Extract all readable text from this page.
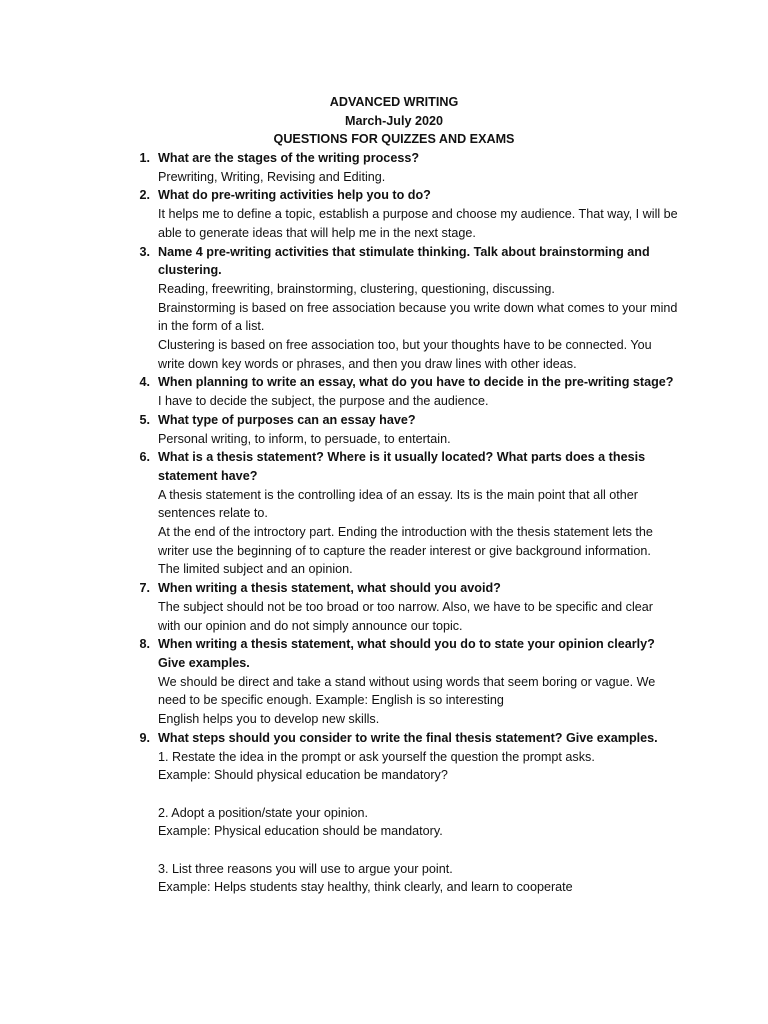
ADVANCED WRITING
March-July 2020
QUESTIONS FOR QUIZZES AND EXAMS
1. What are the stages of the writing process?
Prewriting, Writing, Revising and Editing.
2. What do pre-writing activities help you to do?
It helps me to define a topic, establish a purpose and choose my audience. That way, I will be able to generate ideas that will help me in the next stage.
3. Name 4 pre-writing activities that stimulate thinking. Talk about brainstorming and clustering.
Reading, freewriting, brainstorming, clustering, questioning, discussing.
Brainstorming is based on free association because you write down what comes to your mind in the form of a list.
Clustering is based on free association too, but your thoughts have to be connected. You write down key words or phrases, and then you draw lines with other ideas.
4. When planning to write an essay, what do you have to decide in the pre-writing stage?
I have to decide the subject, the purpose and the audience.
5. What type of purposes can an essay have?
Personal writing, to inform, to persuade, to entertain.
6. What is a thesis statement? Where is it usually located? What parts does a thesis statement have?
A thesis statement is the controlling idea of an essay. Its is the main point that all other sentences relate to.
At the end of the introctory part. Ending the introduction with the thesis statement lets the writer use the beginning of to capture the reader interest or give background information.
The limited subject and an opinion.
7. When writing a thesis statement, what should you avoid?
The subject should not be too broad or too narrow. Also, we have to be specific and clear with our opinion and do not simply announce our topic.
8. When writing a thesis statement, what should you do to state your opinion clearly? Give examples.
We should be direct and take a stand without using words that seem boring or vague. We need to be specific enough. Example: English is so interesting
English helps you to develop new skills.
9. What steps should you consider to write the final thesis statement? Give examples.
1. Restate the idea in the prompt or ask yourself the question the prompt asks.
Example: Should physical education be mandatory?
2. Adopt a position/state your opinion.
Example: Physical education should be mandatory.
3. List three reasons you will use to argue your point.
Example: Helps students stay healthy, think clearly, and learn to cooperate
